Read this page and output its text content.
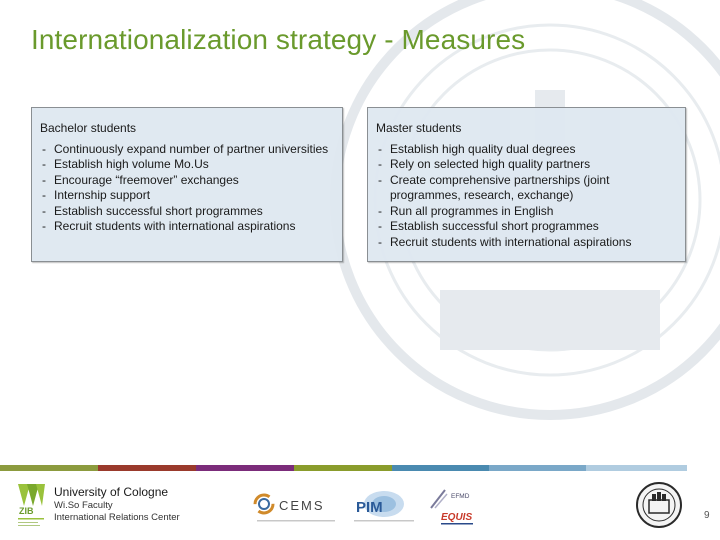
Internationalization strategy - Measures
Bachelor students
- Continuously expand number of partner universities
- Establish high volume Mo.Us
- Encourage “freemover” exchanges
- Internship support
- Establish successful short programmes
- Recruit students with international aspirations
Master students
- Establish high quality dual degrees
- Rely on selected high quality partners
- Create comprehensive partnerships (joint programmes, research, exchange)
- Run all programmes in English
- Establish successful short programmes
- Recruit students with international aspirations
ZIB
University of Cologne
Wi.So Faculty
International Relations Center
CEMS PIM
EFMD
EQUIS	9
